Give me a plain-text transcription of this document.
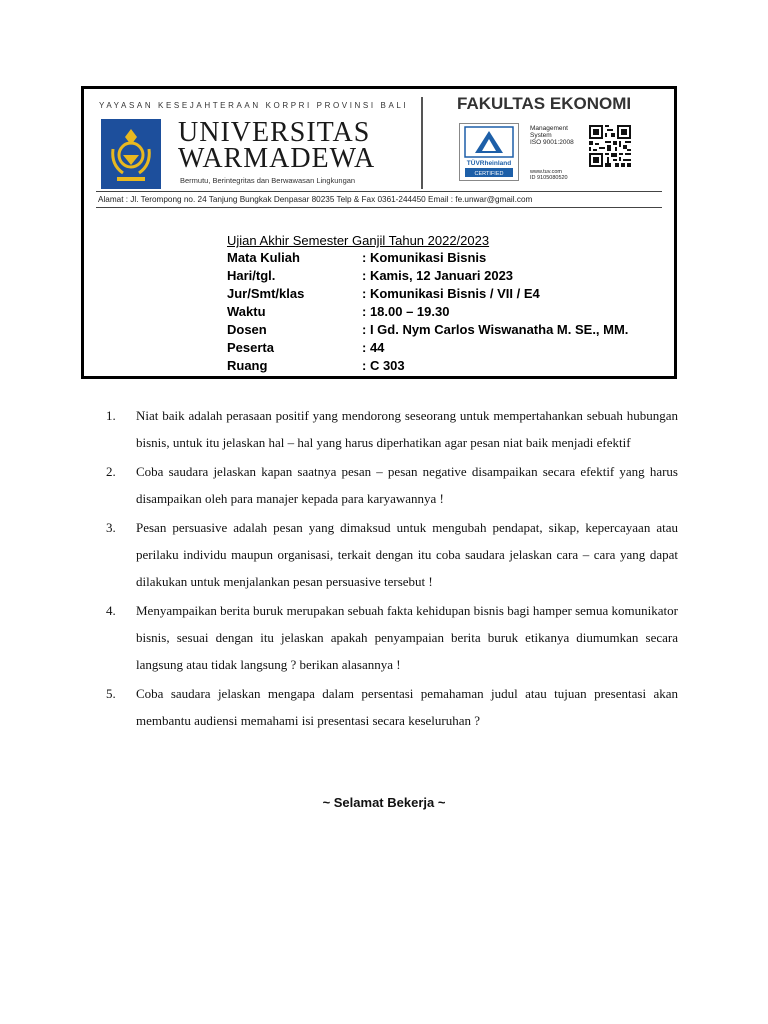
YAYASAN KESEJAHTERAAN KORPRI PROVINSI BALI
UNIVERSITAS
WARMADEWA
Bermutu, Berintegritas dan Berwawasan Lingkungan
FAKULTAS EKONOMI
TÜVRheinland
CERTIFIED
Management
System
ISO 9001:2008
www.tuv.com
ID 9105080520
Alamat : Jl. Terompong no. 24 Tanjung Bungkak Denpasar 80235 Telp & Fax 0361-244450 Email : fe.unwar@gmail.com
Ujian Akhir Semester Ganjil Tahun 2022/2023
Mata Kuliah	: Komunikasi Bisnis
Hari/tgl.	: Kamis, 12 Januari 2023
Jur/Smt/klas	: Komunikasi Bisnis / VII / E4
Waktu	: 18.00 – 19.30
Dosen	: I Gd. Nym Carlos Wiswanatha M. SE., MM.
Peserta	: 44
Ruang	: C 303
1.	Niat baik adalah perasaan positif yang mendorong seseorang untuk mempertahankan sebuah hubungan bisnis, untuk itu jelaskan hal – hal yang harus diperhatikan agar pesan niat baik menjadi efektif
2.	Coba saudara jelaskan kapan saatnya pesan – pesan negative disampaikan secara efektif yang harus disampaikan oleh para manajer kepada para karyawannya !
3.	Pesan persuasive adalah pesan yang dimaksud untuk mengubah pendapat, sikap, kepercayaan atau perilaku individu maupun organisasi, terkait dengan itu coba saudara jelaskan cara – cara yang dapat dilakukan untuk menjalankan pesan persuasive tersebut !
4.	Menyampaikan berita buruk merupakan sebuah fakta kehidupan bisnis bagi hamper semua komunikator bisnis, sesuai dengan itu jelaskan apakah penyampaian berita buruk etikanya diumumkan secara langsung atau tidak langsung ? berikan alasannya !
5.	Coba saudara jelaskan mengapa dalam persentasi pemahaman judul atau tujuan presentasi akan membantu audiensi memahami isi presentasi secara keseluruhan ?
~ Selamat Bekerja ~
